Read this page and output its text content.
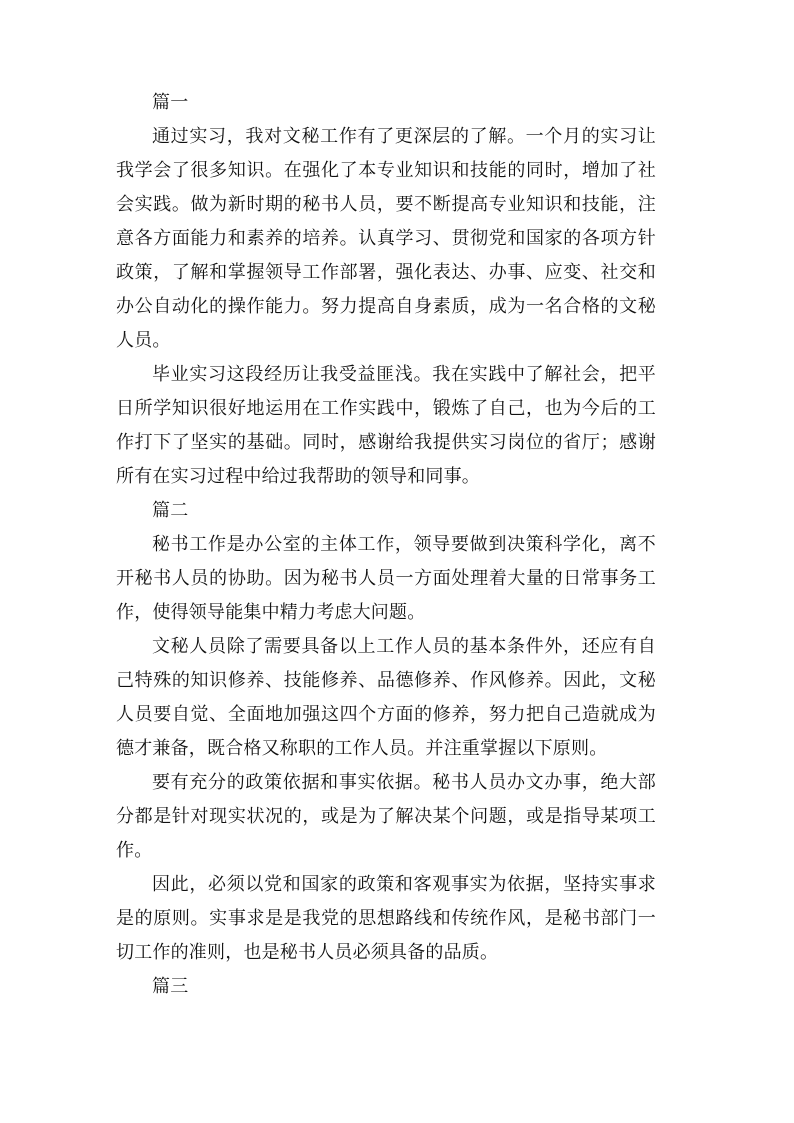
篇一

通过实习，我对文秘工作有了更深层的了解。一个月的实习让我学会了很多知识。在强化了本专业知识和技能的同时，增加了社会实践。做为新时期的秘书人员，要不断提高专业知识和技能，注意各方面能力和素养的培养。认真学习、贯彻党和国家的各项方针政策，了解和掌握领导工作部署，强化表达、办事、应变、社交和办公自动化的操作能力。努力提高自身素质，成为一名合格的文秘人员。

毕业实习这段经历让我受益匪浅。我在实践中了解社会，把平日所学知识很好地运用在工作实践中，锻炼了自己，也为今后的工作打下了坚实的基础。同时，感谢给我提供实习岗位的省厅；感谢所有在实习过程中给过我帮助的领导和同事。

篇二

秘书工作是办公室的主体工作，领导要做到决策科学化，离不开秘书人员的协助。因为秘书人员一方面处理着大量的日常事务工作，使得领导能集中精力考虑大问题。

文秘人员除了需要具备以上工作人员的基本条件外，还应有自己特殊的知识修养、技能修养、品德修养、作风修养。因此，文秘人员要自觉、全面地加强这四个方面的修养，努力把自己造就成为德才兼备，既合格又称职的工作人员。并注重掌握以下原则。

要有充分的政策依据和事实依据。秘书人员办文办事，绝大部分都是针对现实状况的，或是为了解决某个问题，或是指导某项工作。

因此，必须以党和国家的政策和客观事实为依据，坚持实事求是的原则。实事求是是我党的思想路线和传统作风，是秘书部门一切工作的准则，也是秘书人员必须具备的品质。

篇三
